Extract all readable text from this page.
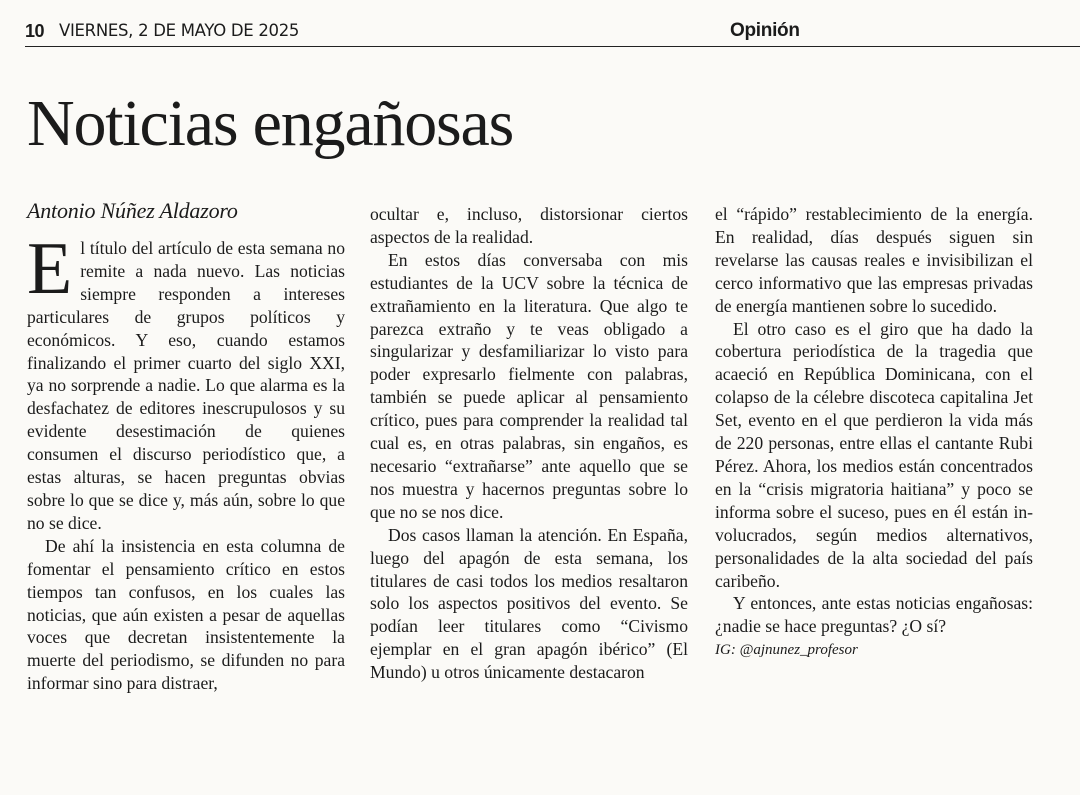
10 VIERNES, 2 DE MAYO DE 2025	Opinión
Noticias engañosas
Antonio Núñez Aldazoro

El título del artículo de esta semana no remite a nada nuevo. Las noticias siempre responden a intereses particulares de grupos políticos y económicos. Y eso, cuando estamos finalizando el primer cuarto del siglo XXI, ya no sorprende a nadie. Lo que alarma es la desfachatez de editores inescrupulosos y su evidente desestimación de quienes consumen el discurso periodístico que, a estas alturas, se hacen preguntas obvias sobre lo que se dice y, más aún, sobre lo que no se dice.

De ahí la insistencia en esta columna de fomentar el pensamiento crítico en estos tiempos tan confusos, en los cuales las noticias, que aún existen a pesar de aquellas voces que decretan insistentemente la muerte del periodismo, se difunden no para informar sino para distraer,

ocultar e, incluso, distorsionar ciertos aspectos de la realidad.

En estos días conversaba con mis estudiantes de la UCV sobre la técnica de extrañamiento en la literatura. Que algo te parezca extraño y te veas obligado a singularizar y desfamiliarizar lo visto para poder expresarlo fielmente con palabras, también se puede aplicar al pensamiento crítico, pues para comprender la realidad tal cual es, en otras palabras, sin engaños, es necesario “extrañarse” ante aquello que se nos muestra y hacernos preguntas sobre lo que no se nos dice.

Dos casos llaman la atención. En España, luego del apagón de esta semana, los titulares de casi todos los medios resaltaron solo los aspectos positivos del evento. Se podían leer titulares como “Civismo ejemplar en el gran apagón ibérico” (El Mundo) u otros únicamente destacaron

el “rápido” restablecimiento de la energía. En realidad, días después siguen sin revelarse las causas reales e invisibilizan el cerco informativo que las empresas privadas de energía mantienen sobre lo sucedido.

El otro caso es el giro que ha dado la cobertura periodística de la tragedia que acaeció en República Dominicana, con el colapso de la célebre discoteca capitalina Jet Set, evento en el que perdieron la vida más de 220 personas, entre ellas el cantante Rubi Pérez. Ahora, los medios están concentrados en la “crisis migratoria haitiana” y poco se informa sobre el suceso, pues en él están involucrados, según medios alternativos, personalidades de la alta sociedad del país caribeño.

Y entonces, ante estas noticias engañosas: ¿nadie se hace preguntas? ¿O sí?

IG: @ajnunez_profesor
